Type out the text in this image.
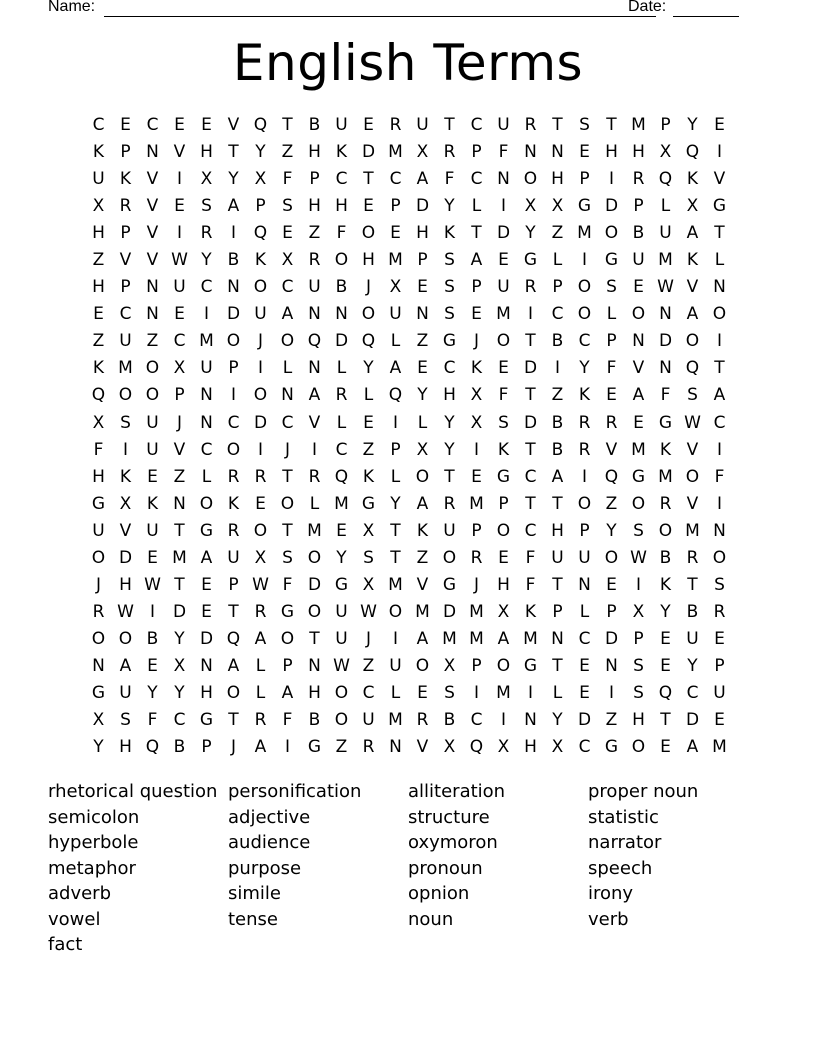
Name:	Date:
English Terms
C E C E E V Q T B U E R U T C U R T S T M P Y E
K P N V H T Y Z H K D M X R P F N N E H H X Q	I
U K V	I	X Y X F P C T C A F C N O H P	I	R Q K V
X R V E S A P S H H E P D Y	L	I	X X G D P	L X G
H P V	I	R	I	Q E Z F O E H K T D Y Z M O B U A T
Z V V W Y B K X R O H M P S A E G L	I	G U M K L
H P N U C N O C U B	J	X E S P U R P O S E W V N
E C N E	I	D U A N N O U N S E M	I	C O L O N A O
Z U Z C M O	J	O Q D Q L Z G	J	O T B C P N D O	I
K M O X U P	I	L N L	Y A E C K E D	I	Y F V N Q T
Q O O P N	I	O N A R L Q Y H X F T Z K E A F S A
X S U	J	N C D C V L E	I	L	Y X S D B R R E G W C
F	I	U V C O	I	J	I	C Z P X Y	I	K T B R V M K V	I
H K E Z L R R T R Q K L O T E G C A	I	Q G M O F
G X K N O K E O L M G Y A R M P T T O Z O R V	I
U V U T G R O T M E X T K U P O C H P Y S O M N
O D E M A U X S O Y S T Z O R E F U U O W B R O
J	H W T E P W F D G X M V G	J	H F T N E	I	K T S
R W I	D E T R G O U W O M D M X K P	L	P X Y B R
O O B Y D Q A O T U	J	I	A M M A M N C D P E U E
N A E X N A L	P N W Z U O X P O G T E N S E Y P
G U Y Y H O L A H O C L E S	I	M	I	L E	I	S Q C U
X S F C G T R F B O U M R B C	I	N Y D Z H T D E
Y H Q B P	J	A	I	G Z R N V X Q X H X C G O E A M
rhetorical question
semicolon
hyperbole
metaphor
adverb
vowel
fact
personification
adjective
audience
purpose
simile
tense
alliteration
structure
oxymoron
pronoun
opnion
noun
proper noun
statistic
narrator
speech
irony
verb
